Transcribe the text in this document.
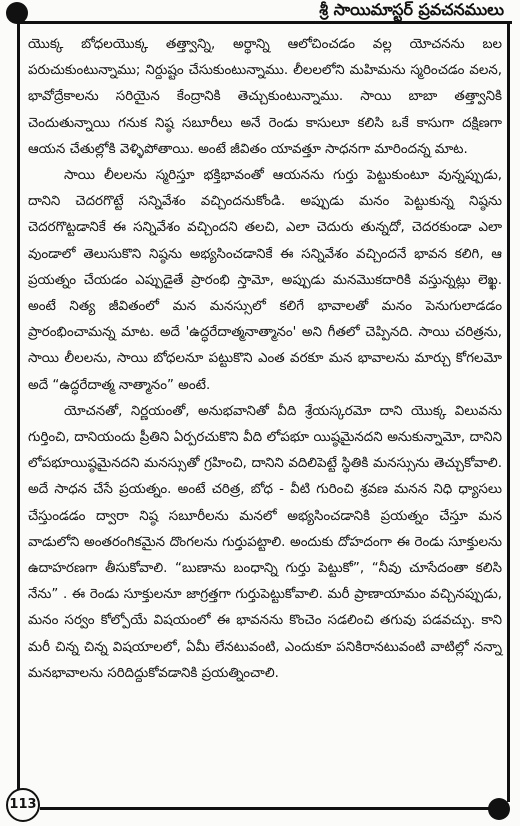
శ్రీ సాయిమాస్టర్ ప్రవచనములు

యొక్క బోధలయొక్క తత్త్వాన్ని, అర్థాన్ని ఆలోచించడం వల్ల యోచనను బల పరుచుకుంటున్నాము; నిర్దుష్టం చేసుకుంటున్నాము. లీలలలోని మహిమను స్మరించడం వలన, భావోద్రేకాలను సరియైన కేంద్రానికి తెచ్చుకుంటున్నాము. సాయి బాబా తత్త్వానికి చెందుతున్నాయి గనుక నిష్ఠ సబూరీలు అనే రెండు కాసులూ కలిసి ఒకే కాసుగా దక్షిణగా ఆయన చేతుల్లోకి వెళ్ళిపోతాయి. అంటే జీవితం యావత్తూ సాధనగా మారిందన్న మాట.

సాయి లీలలను స్మరిస్తూ భక్తిభావంతో ఆయనను గుర్తు పెట్టుకుంటూ వున్నప్పుడు, దానిని చెదరగొట్టే సన్నివేశం వచ్చిందనుకోండి. అప్పుడు మనం పెట్టుకున్న నిష్ఠను చెదరగొట్టడానికే ఈ సన్నివేశం వచ్చిందని తలచి, ఎలా చెదురు తున్నదో, చెదరకుండా ఎలా వుండాలో తెలుసుకొని నిష్ఠను అభ్యసించడానికే ఈ సన్నివేశం వచ్చిందనే భావన కలిగి, ఆ ప్రయత్నం చేయడం ఎప్పుడైతే ప్రారంభి స్తామో, అప్పుడు మనమొకదారికి వస్తున్నట్లు లెఖ్ఖ. అంటే నిత్య జీవితంలో మన మనస్సులో కలిగే భావాలతో మనం పెనుగులాడడం ప్రారంభించామన్న మాట. అదే 'ఉద్ధరేదాత్మనాత్మానం' అని గీతలో చెప్పినది. సాయి చరిత్రను, సాయి లీలలను, సాయి బోధలనూ పట్టుకొని ఎంత వరకూ మన భావాలను మార్చు కోగలమో అదే “ఉద్ధరేదాత్మ నాత్మానం” అంటే.

యోచనతో, నిర్ణయంతో, అనుభవానితో వీది శ్రేయస్కరమో దాని యొక్క విలువను గుర్తించి, దానియందు ప్రీతిని ఏర్పరచుకొని వీది లోపభూ యిష్ఠమైనదని అనుకున్నామో, దానిని లోపభూయిష్ఠమైనదని మనస్సుతో గ్రహించి, దానిని వదిలిపెట్టే స్థితికి మనస్సును తెచ్చుకోవాలి. అదే సాధన చేసే ప్రయత్నం. అంటే చరిత్ర, బోధ - వీటి గురించి శ్రవణ మనన నిధి ధ్యాసలు చేస్తుండడం ద్వారా నిష్ఠ సబూరీలను మనలో అభ్యసించడానికి ప్రయత్నం చేస్తూ మన వాడులోని అంతరంగికమైన దొంగలను గుర్తుపట్టాలి. అందుకు దోహదంగా ఈ రెండు సూక్తులను ఉదాహరణగా తీసుకోవాలి. “బుణాను బంధాన్ని గుర్తు పెట్టుకో”, “నీవు చూసేదంతా కలిసి నేను” . ఈ రెండు సూక్తులనూ జాగ్రత్తగా గుర్తుపెట్టుకోవాలి. మరీ ప్రాణాయామం వచ్చినప్పుడు, మనం సర్వం కోల్పోయే విషయంలో ఈ భావనను కొంచెం సడలించి తగువు పడవచ్చు. కాని మరీ చిన్న చిన్న విషయాలలో, ఏమీ లేనటువంటి, ఎందుకూ పనికిరానటువంటి వాటిల్లో నన్నా మనభావాలను సరిదిద్దుకోవడానికి ప్రయత్నించాలి.

113
